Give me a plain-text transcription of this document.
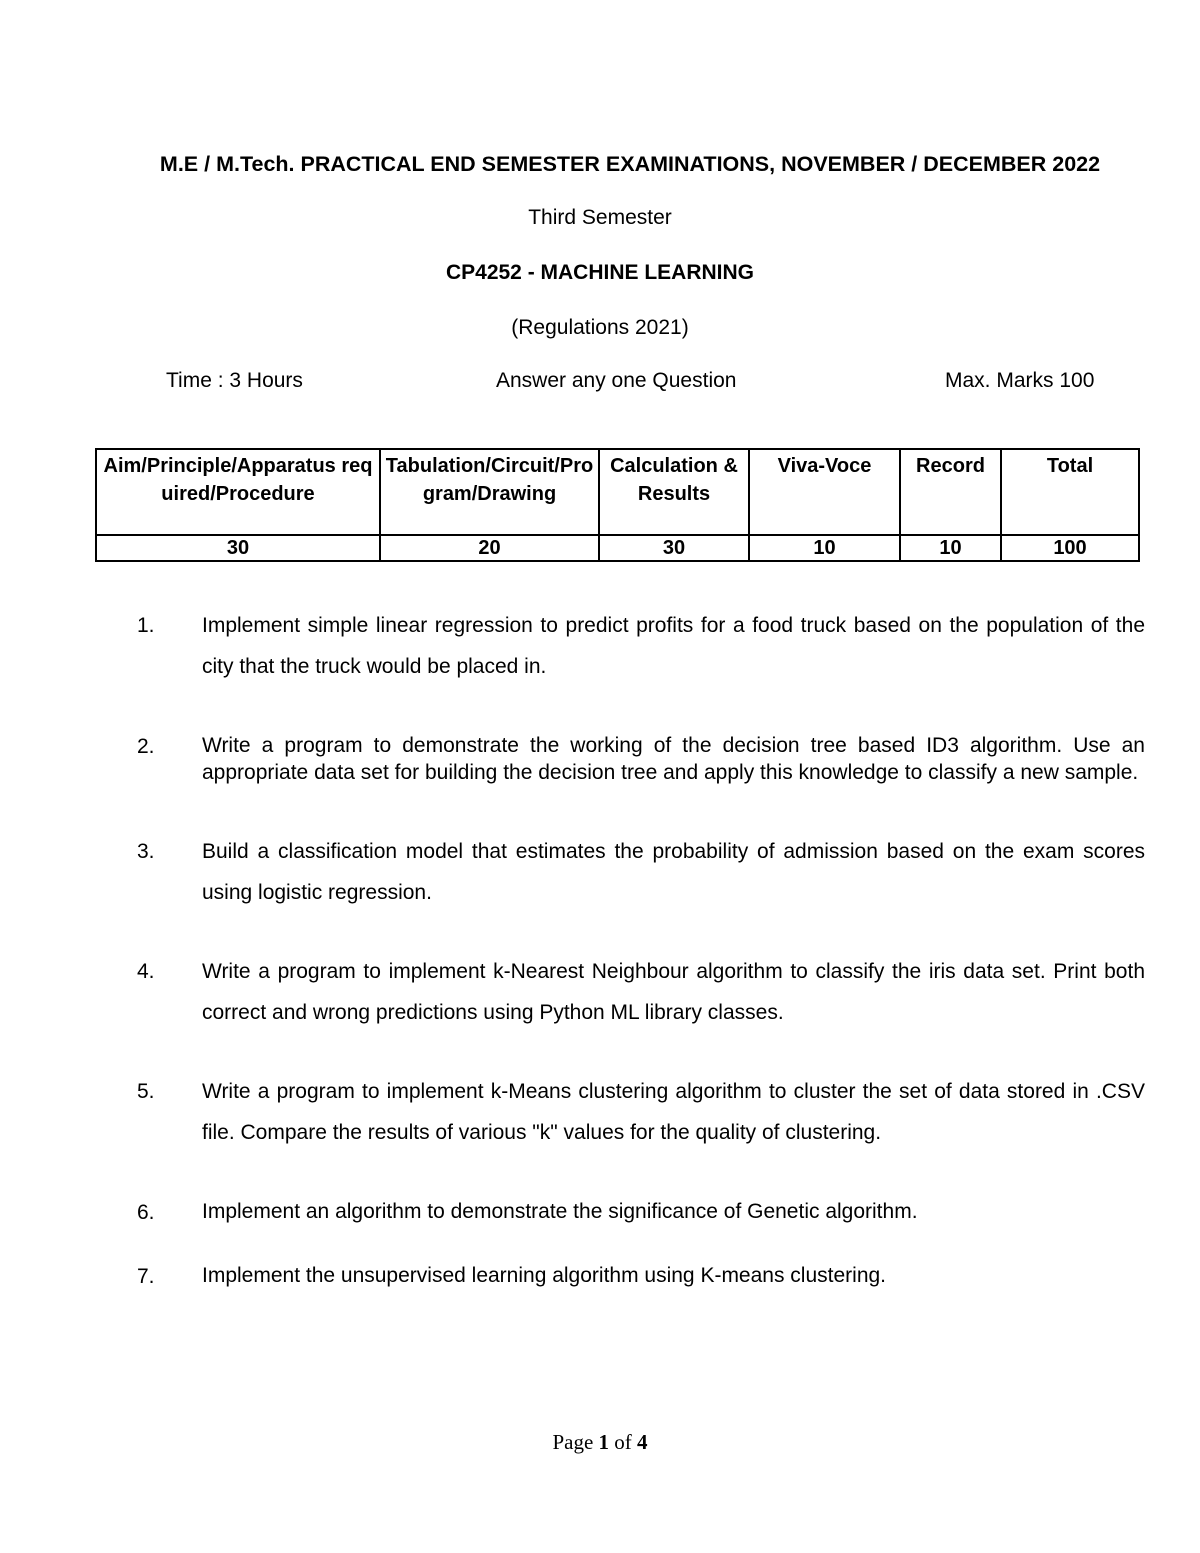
M.E / M.Tech. PRACTICAL END SEMESTER EXAMINATIONS, NOVEMBER / DECEMBER 2022
Third Semester
CP4252 - MACHINE LEARNING
(Regulations 2021)
Time : 3 Hours	Answer any one Question	Max. Marks 100
Aim/Principle/Apparatus required/Procedure	Tabulation/Circuit/Program/Drawing	Calculation & Results	Viva-Voce	Record	Total
30	20	30	10	10	100
1. Implement simple linear regression to predict profits for a food truck based on the population of the city that the truck would be placed in.
2. Write a program to demonstrate the working of the decision tree based ID3 algorithm. Use an appropriate data set for building the decision tree and apply this knowledge to classify a new sample.
3. Build a classification model that estimates the probability of admission based on the exam scores using logistic regression.
4. Write a program to implement k-Nearest Neighbour algorithm to classify the iris data set. Print both correct and wrong predictions using Python ML library classes.
5. Write a program to implement k-Means clustering algorithm to cluster the set of data stored in .CSV file. Compare the results of various "k" values for the quality of clustering.
6. Implement an algorithm to demonstrate the significance of Genetic algorithm.
7. Implement the unsupervised learning algorithm using K-means clustering.
Page 1 of 4
